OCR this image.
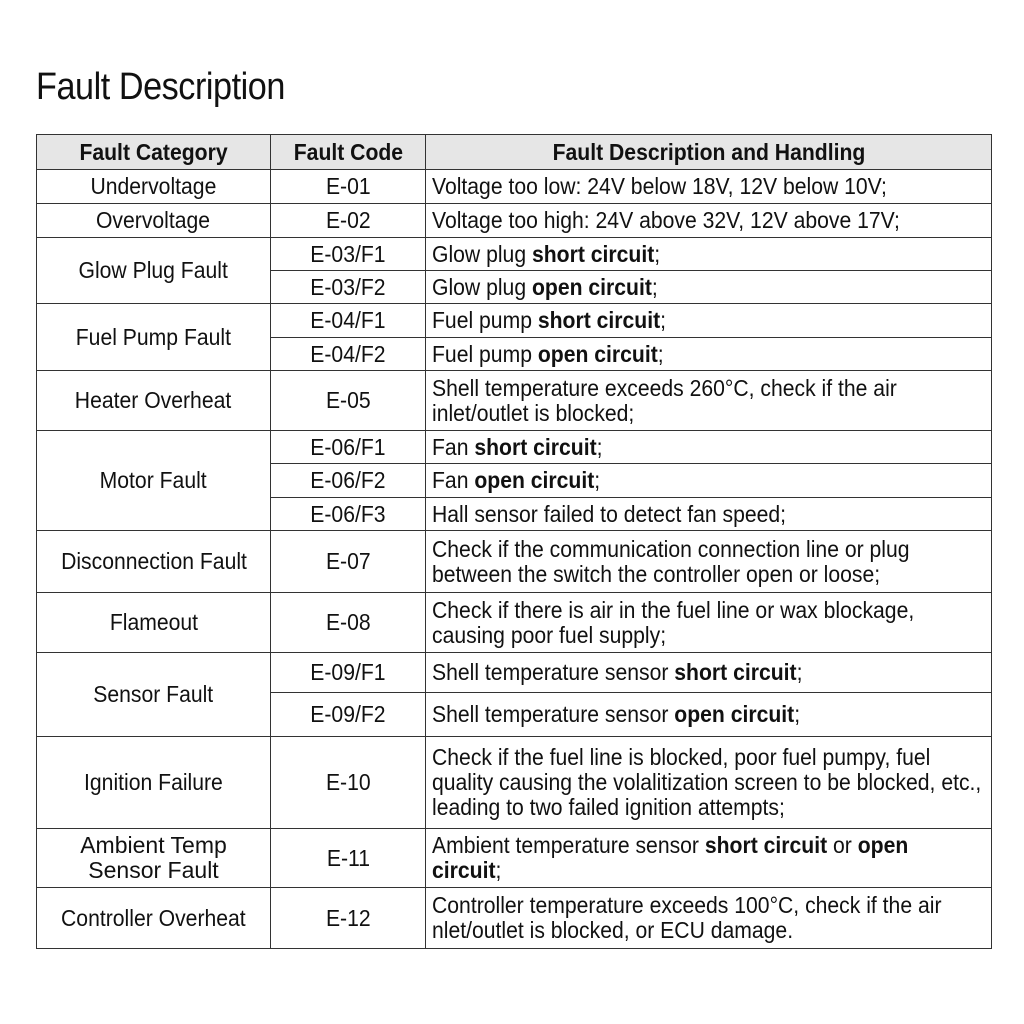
Fault Description
Fault Category	Fault Code	Fault Description and Handling
Undervoltage	E-01	Voltage too low: 24V below 18V, 12V below 10V;
Overvoltage	E-02	Voltage too high: 24V above 32V, 12V above 17V;
Glow Plug Fault	E-03/F1	Glow plug short circuit;
	E-03/F2	Glow plug open circuit;
Fuel Pump Fault	E-04/F1	Fuel pump short circuit;
	E-04/F2	Fuel pump open circuit;
Heater Overheat	E-05	Shell temperature exceeds 260°C, check if the air inlet/outlet is blocked;

Motor Fault	E-06/F1	Fan short circuit;
	E-06/F2	Fan open circuit;
	E-06/F3	Hall sensor failed to detect fan speed;
Disconnection Fault	E-07	Check if the communication connection line or plug between the switch the controller open or loose;

Flameout	E-08	Check if there is air in the fuel line or wax blockage, causing poor fuel supply;

Sensor Fault	E-09/F1	Shell temperature sensor short circuit;
	E-09/F2	Shell temperature sensor open circuit;
Ignition Failure	E-10	Check if the fuel line is blocked, poor fuel pumpy, fuel quality causing the volalitization screen to be blocked, etc., leading to two failed ignition attempts;

Ambient Temp Sensor Fault	E-11	Ambient temperature sensor short circuit or open circuit;

Controller Overheat	E-12	Controller temperature exceeds 100°C, check if the air nlet/outlet is blocked, or ECU damage.
